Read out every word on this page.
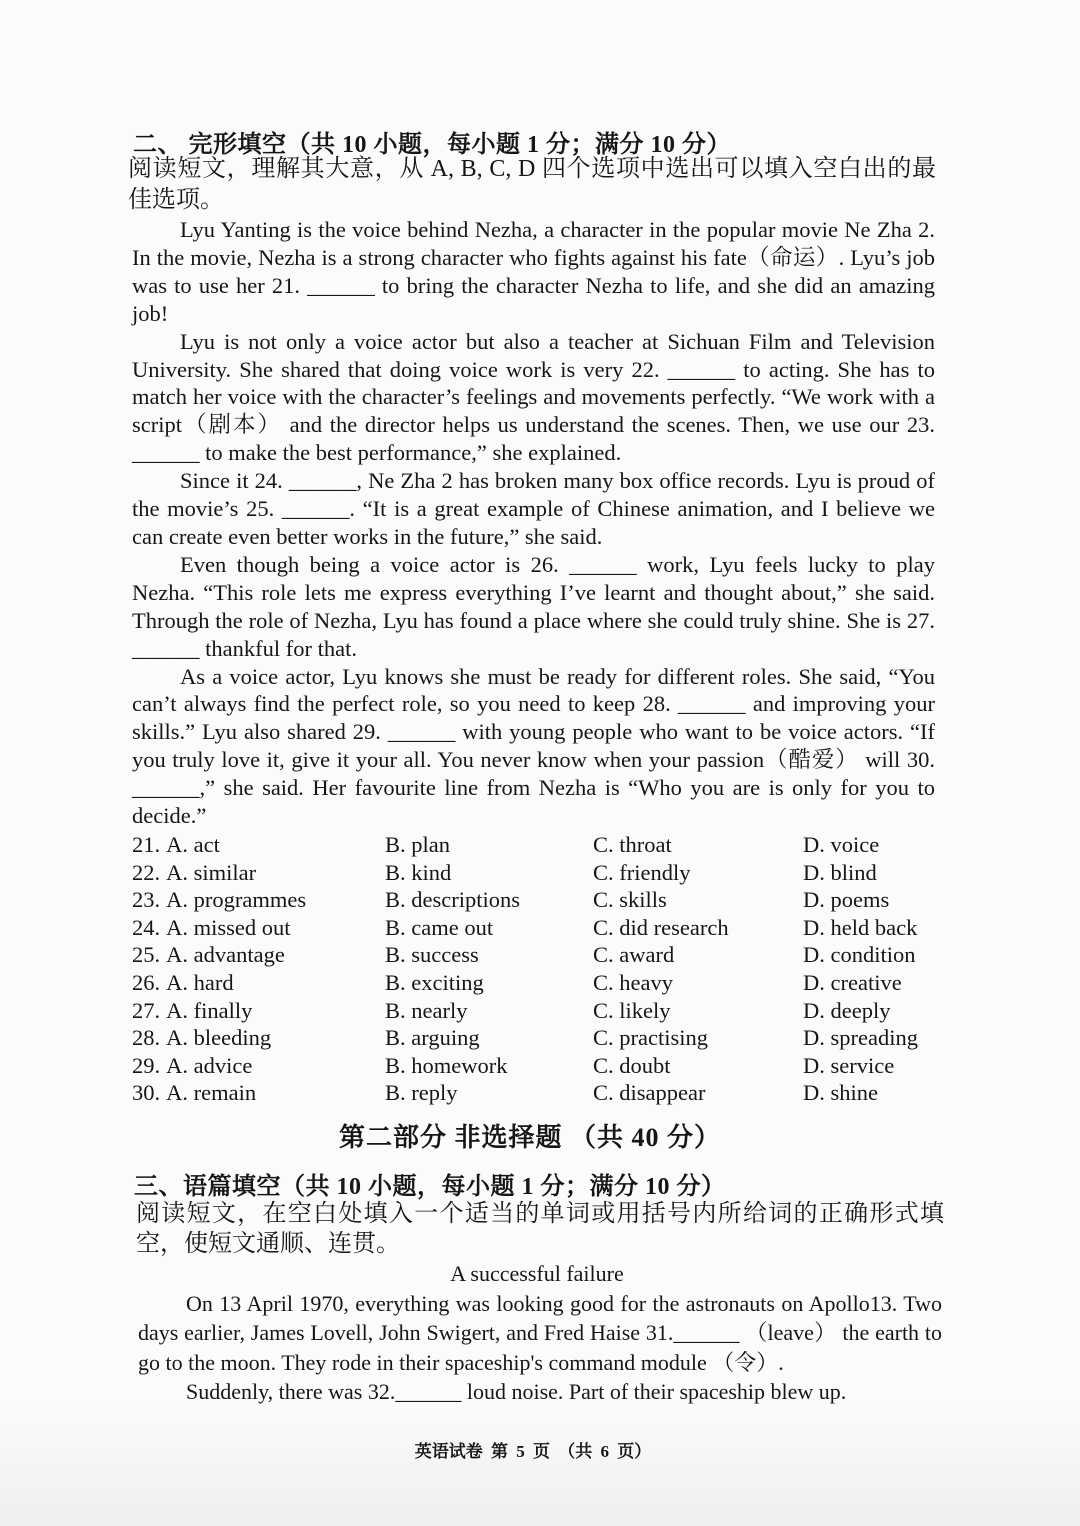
二、 完形填空（共 10 小题，每小题 1 分；满分 10 分）
阅读短文，理解其大意，从 A, B, C, D 四个选项中选出可以填入空白出的最佳选项。

Lyu Yanting is the voice behind Nezha, a character in the popular movie Ne Zha 2. In the movie, Nezha is a strong character who fights against his fate（命运）. Lyu’s job was to use her 21. ______ to bring the character Nezha to life, and she did an amazing job!

Lyu is not only a voice actor but also a teacher at Sichuan Film and Television University. She shared that doing voice work is very 22. ______ to acting. She has to match her voice with the character’s feelings and movements perfectly. “We work with a script（剧本） and the director helps us understand the scenes. Then, we use our 23. ______ to make the best performance,” she explained.

Since it 24. ______, Ne Zha 2 has broken many box office records. Lyu is proud of the movie’s 25. ______. “It is a great example of Chinese animation, and I believe we can create even better works in the future,” she said.

Even though being a voice actor is 26. ______ work, Lyu feels lucky to play Nezha. “This role lets me express everything I’ve learnt and thought about,” she said. Through the role of Nezha, Lyu has found a place where she could truly shine. She is 27. ______ thankful for that.

As a voice actor, Lyu knows she must be ready for different roles. She said, “You can’t always find the perfect role, so you need to keep 28. ______ and improving your skills.” Lyu also shared 29. ______ with young people who want to be voice actors. “If you truly love it, give it your all. You never know when your passion（酷爱） will 30. ______,” she said. Her favourite line from Nezha is “Who you are is only for you to decide.”

21. A. act	B. plan	C. throat	D. voice
22. A. similar	B. kind	C. friendly	D. blind
23. A. programmes	B. descriptions	C. skills	D. poems
24. A. missed out	B. came out	C. did research	D. held back
25. A. advantage	B. success	C. award	D. condition
26. A. hard	B. exciting	C. heavy	D. creative
27. A. finally	B. nearly	C. likely	D. deeply
28. A. bleeding	B. arguing	C. practising	D. spreading
29. A. advice	B. homework	C. doubt	D. service
30. A. remain	B. reply	C. disappear	D. shine
第二部分 非选择题 （共 40 分）
三、语篇填空（共 10 小题，每小题 1 分；满分 10 分）
阅读短文，在空白处填入一个适当的单词或用括号内所给词的正确形式填空，使短文通顺、连贯。
A successful failure

On 13 April 1970, everything was looking good for the astronauts on Apollo13. Two days earlier, James Lovell, John Swigert, and Fred Haise 31.______ （leave） the earth to go to the moon. They rode in their spaceship's command module （令）.

Suddenly, there was 32.______ loud noise. Part of their spaceship blew up.

英语试卷 第 5 页 （共 6 页）
